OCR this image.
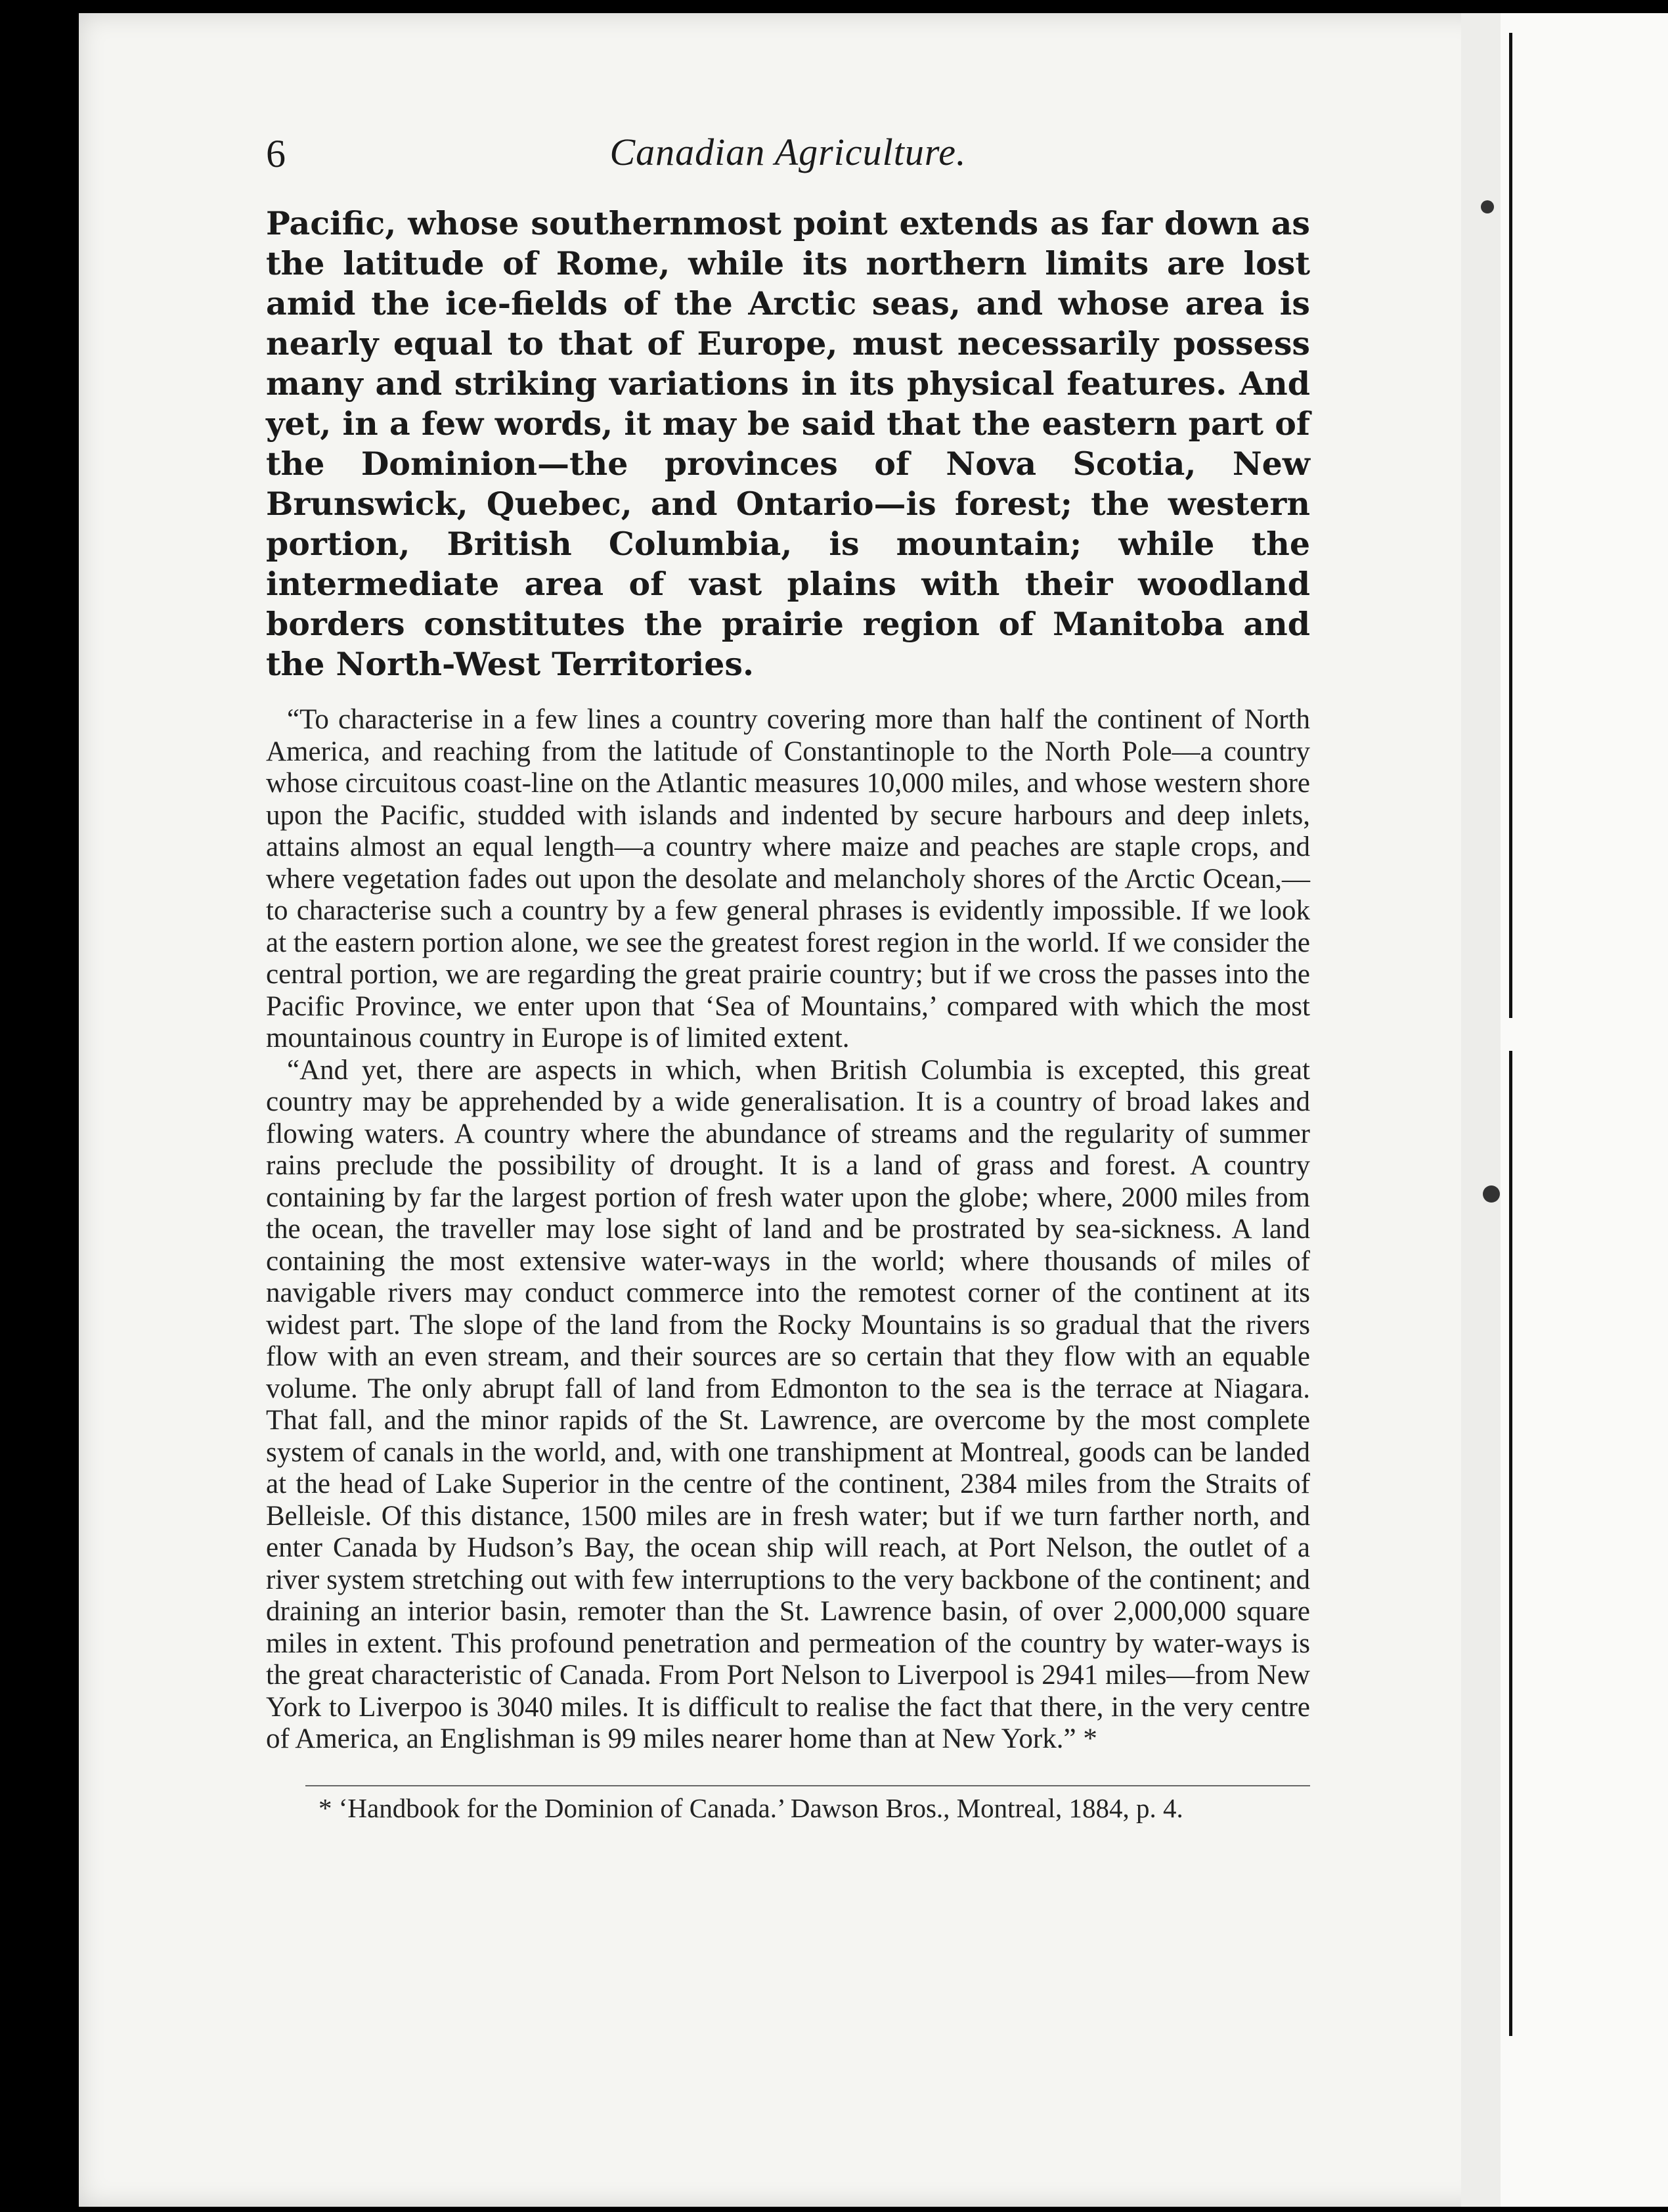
6	Canadian Agriculture.

Pacific, whose southernmost point extends as far down as the latitude of Rome, while its northern limits are lost amid the ice-fields of the Arctic seas, and whose area is nearly equal to that of Europe, must necessarily possess many and striking variations in its physical features. And yet, in a few words, it may be said that the eastern part of the Dominion—the provinces of Nova Scotia, New Brunswick, Quebec, and Ontario—is forest; the western portion, British Columbia, is mountain; while the intermediate area of vast plains with their woodland borders constitutes the prairie region of Manitoba and the North-West Territories.

“To characterise in a few lines a country covering more than half the continent of North America, and reaching from the latitude of Constantinople to the North Pole—a country whose circuitous coast-line on the Atlantic measures 10,000 miles, and whose western shore upon the Pacific, studded with islands and indented by secure harbours and deep inlets, attains almost an equal length—a country where maize and peaches are staple crops, and where vegetation fades out upon the desolate and melancholy shores of the Arctic Ocean,—to characterise such a country by a few general phrases is evidently impossible. If we look at the eastern portion alone, we see the greatest forest region in the world. If we consider the central portion, we are regarding the great prairie country; but if we cross the passes into the Pacific Province, we enter upon that ‘Sea of Mountains,’ compared with which the most mountainous country in Europe is of limited extent.

“And yet, there are aspects in which, when British Columbia is excepted, this great country may be apprehended by a wide generalisation. It is a country of broad lakes and flowing waters. A country where the abundance of streams and the regularity of summer rains preclude the possibility of drought. It is a land of grass and forest. A country containing by far the largest portion of fresh water upon the globe; where, 2000 miles from the ocean, the traveller may lose sight of land and be prostrated by sea-sickness. A land containing the most extensive water-ways in the world; where thousands of miles of navigable rivers may conduct commerce into the remotest corner of the continent at its widest part. The slope of the land from the Rocky Mountains is so gradual that the rivers flow with an even stream, and their sources are so certain that they flow with an equable volume. The only abrupt fall of land from Edmonton to the sea is the terrace at Niagara. That fall, and the minor rapids of the St. Lawrence, are overcome by the most complete system of canals in the world, and, with one transhipment at Montreal, goods can be landed at the head of Lake Superior in the centre of the continent, 2384 miles from the Straits of Belleisle. Of this distance, 1500 miles are in fresh water; but if we turn farther north, and enter Canada by Hudson’s Bay, the ocean ship will reach, at Port Nelson, the outlet of a river system stretching out with few interruptions to the very backbone of the continent; and draining an interior basin, remoter than the St. Lawrence basin, of over 2,000,000 square miles in extent. This profound penetration and permeation of the country by water-ways is the great characteristic of Canada. From Port Nelson to Liverpool is 2941 miles—from New York to Liverpoo is 3040 miles. It is difficult to realise the fact that there, in the very centre of America, an Englishman is 99 miles nearer home than at New York.” *

* ‘Handbook for the Dominion of Canada.’ Dawson Bros., Montreal, 1884, p. 4.
